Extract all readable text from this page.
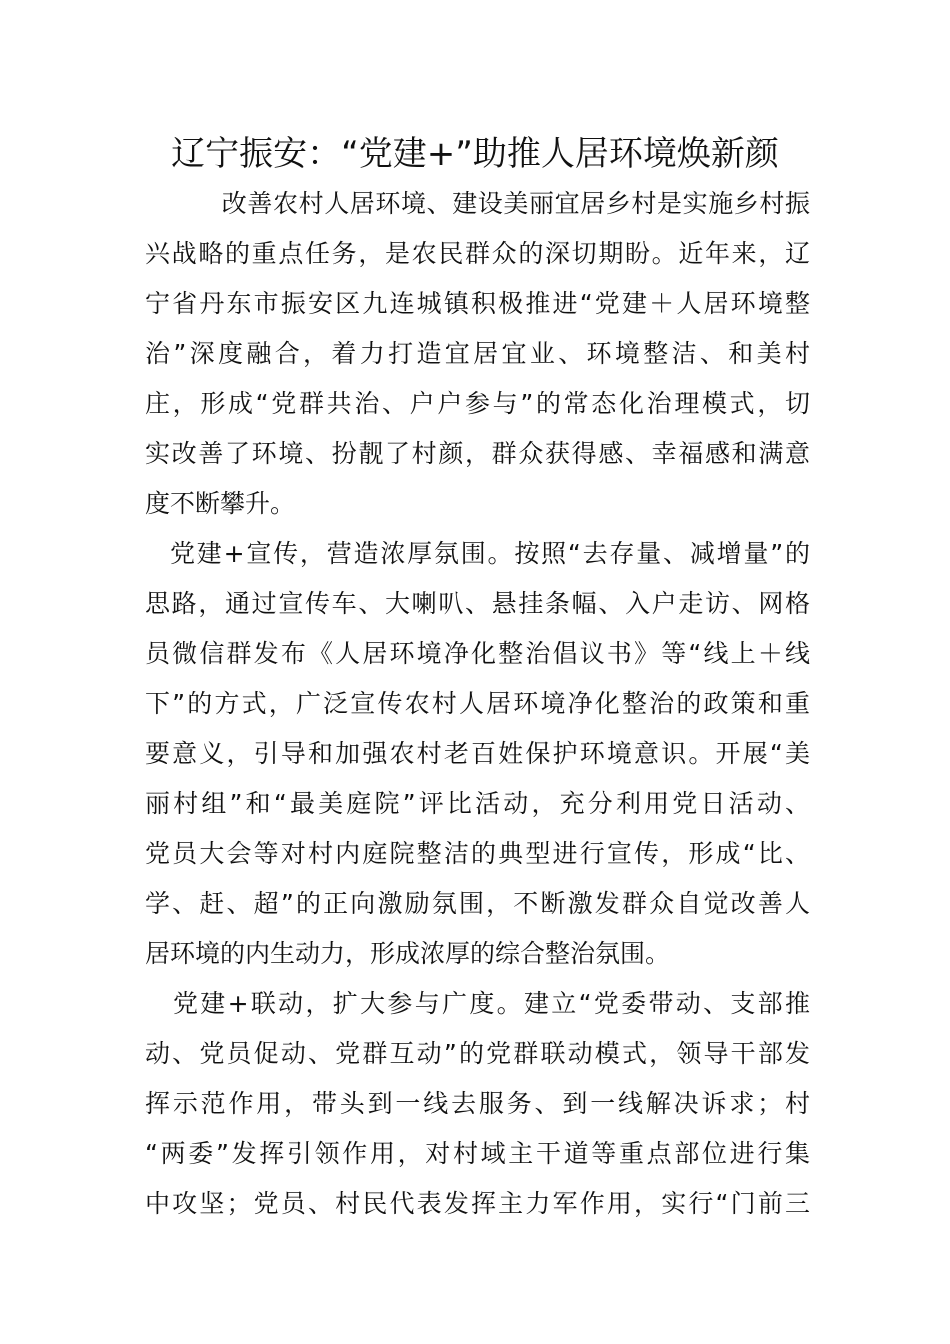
辽宁振安：“党建+”助推人居环境焕新颜
　　　改善农村人居环境、建设美丽宜居乡村是实施乡村振
兴战略的重点任务，是农民群众的深切期盼。近年来，辽
宁省丹东市振安区九连城镇积极推进“党建＋人居环境整
治”深度融合，着力打造宜居宜业、环境整洁、和美村
庄，形成“党群共治、户户参与”的常态化治理模式，切
实改善了环境、扮靓了村颜，群众获得感、幸福感和满意
度不断攀升。
党建+宣传，营造浓厚氛围。按照“去存量、减增量”的
思路，通过宣传车、大喇叭、悬挂条幅、入户走访、网格
员微信群发布《人居环境净化整治倡议书》等“线上＋线
下”的方式，广泛宣传农村人居环境净化整治的政策和重
要意义，引导和加强农村老百姓保护环境意识。开展“美
丽村组”和“最美庭院”评比活动，充分利用党日活动、
党员大会等对村内庭院整洁的典型进行宣传，形成“比、
学、赶、超”的正向激励氛围，不断激发群众自觉改善人
居环境的内生动力，形成浓厚的综合整治氛围。
党建+联动，扩大参与广度。建立“党委带动、支部推
动、党员促动、党群互动”的党群联动模式，领导干部发
挥示范作用，带头到一线去服务、到一线解决诉求；村
“两委”发挥引领作用，对村域主干道等重点部位进行集
中攻坚；党员、村民代表发挥主力军作用，实行“门前三
